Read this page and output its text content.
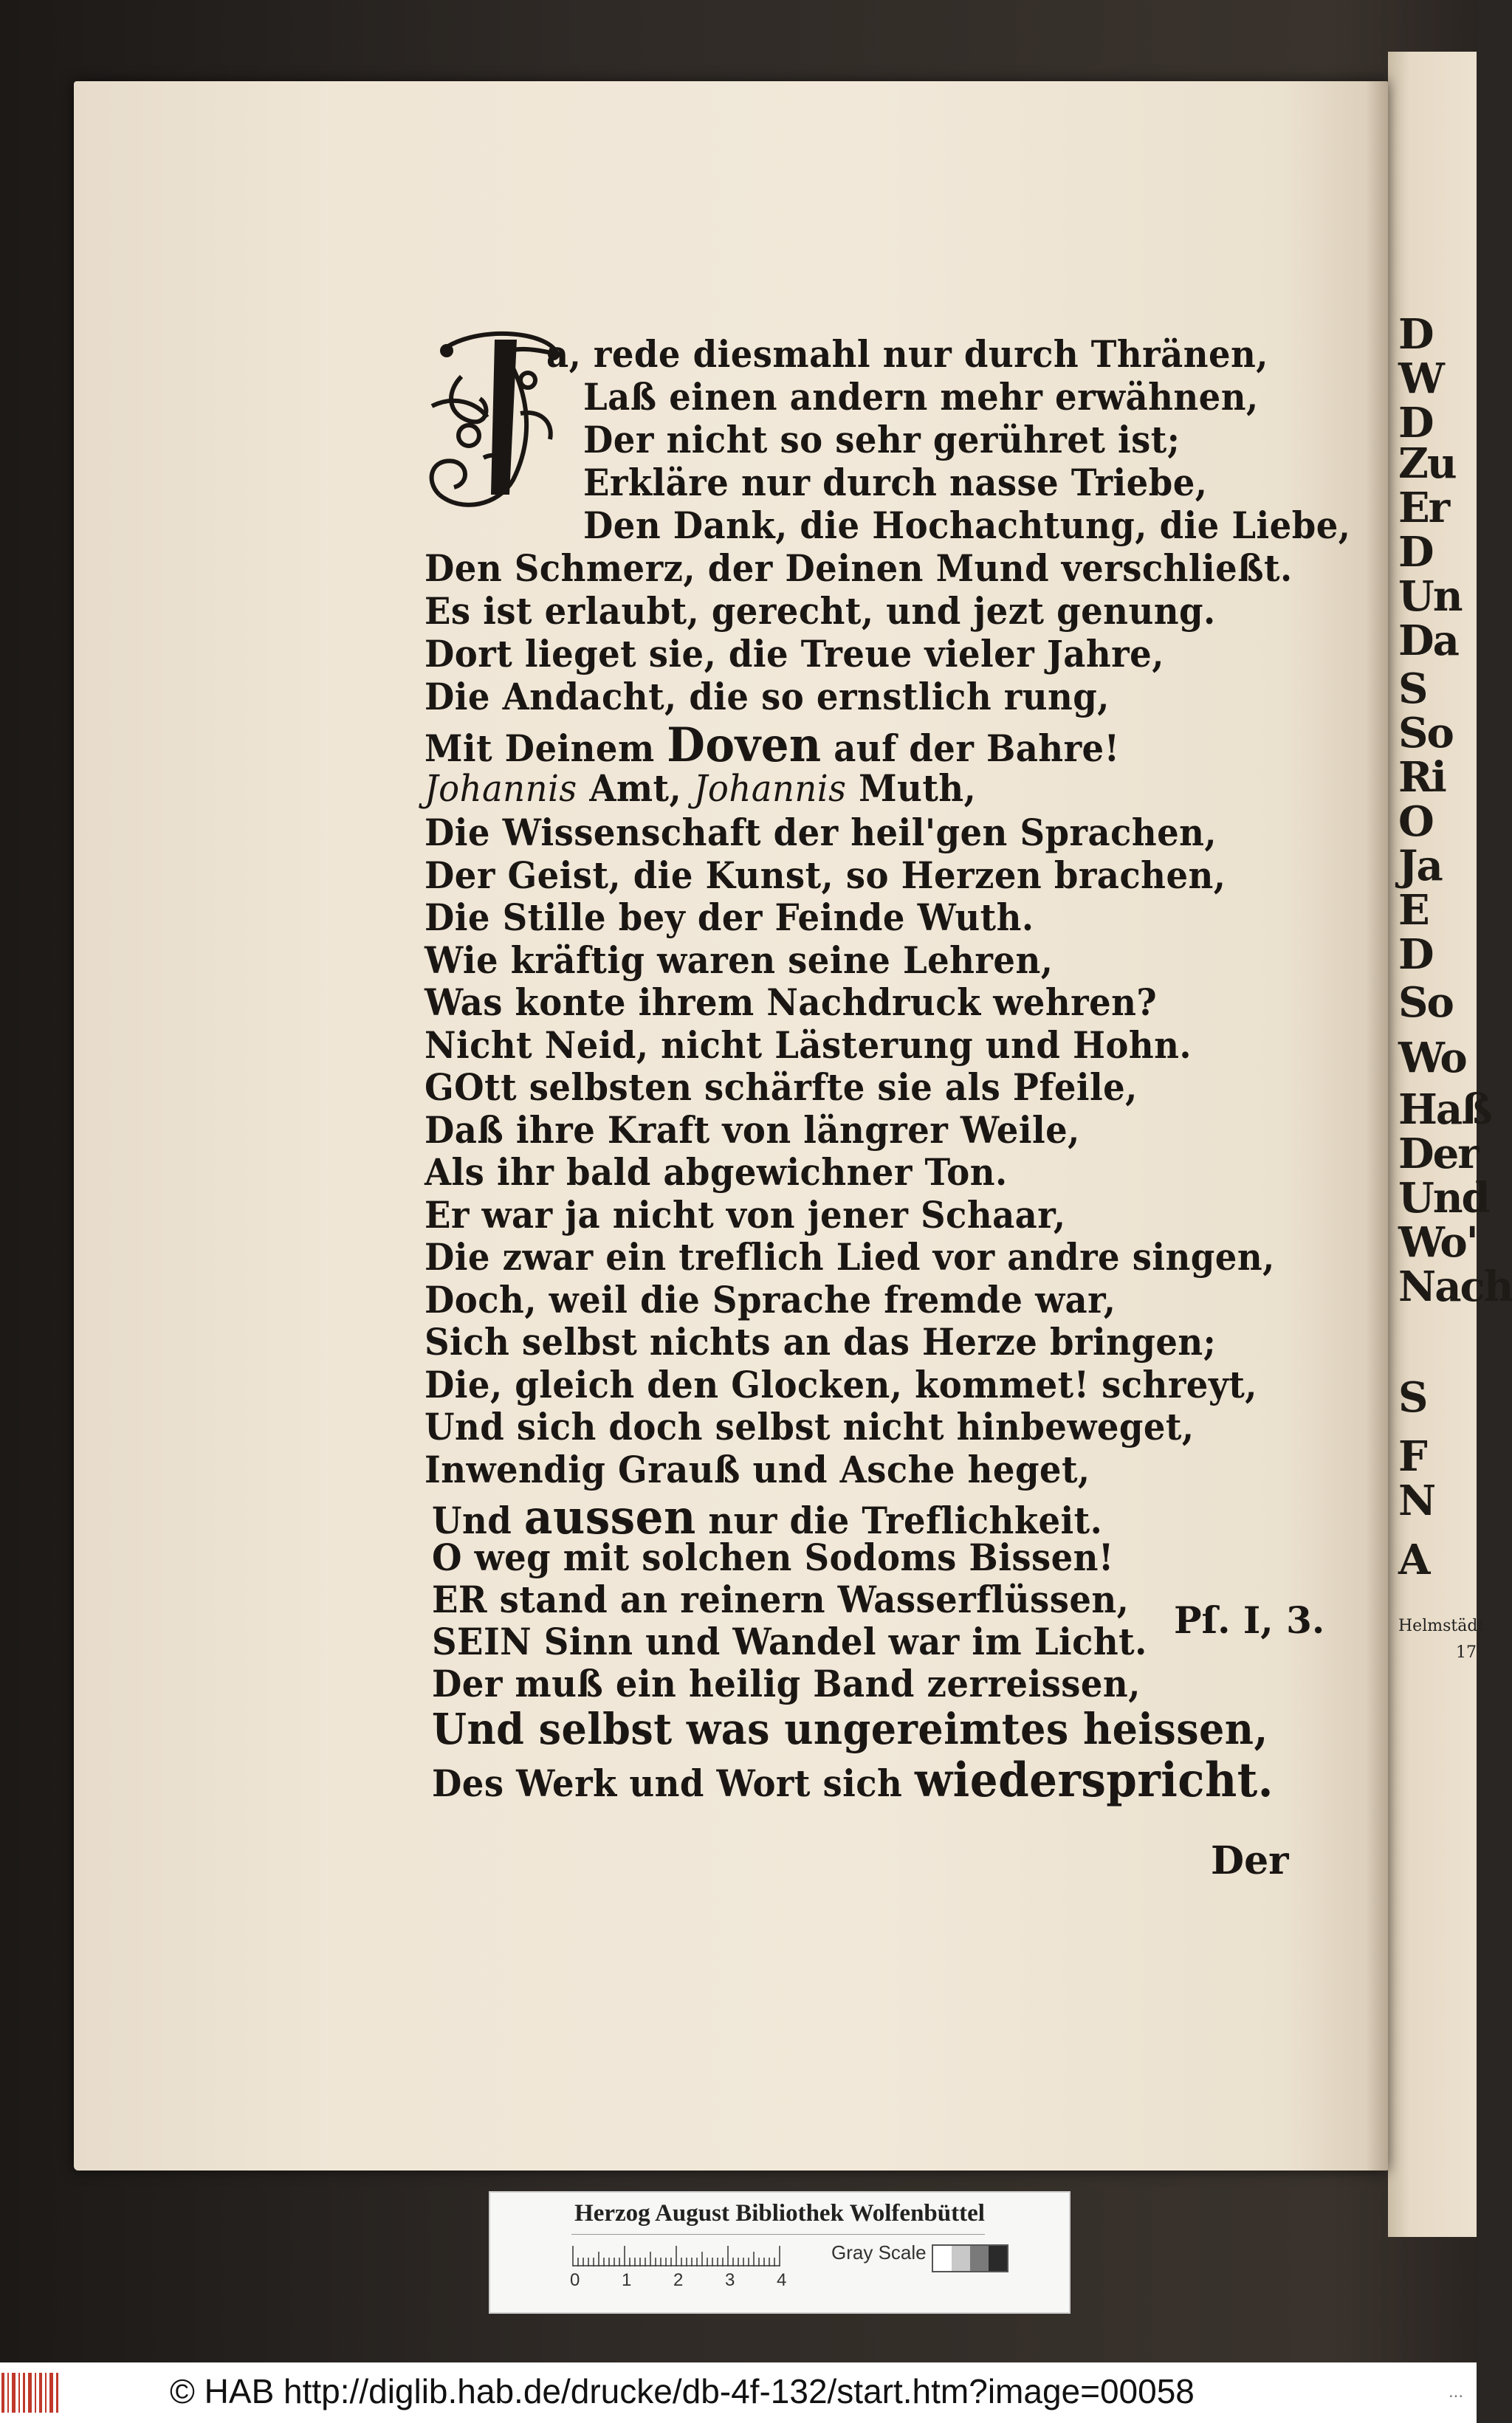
D
W
D
Zu
Er
D
Un
Da
S
So
Ri
O
Ja
E
D
So
Wo
Haß
Der
Und
Wo'
Nach
S
F
N
A
Helmstädt
17
a, rede diesmahl nur durch Thränen,
Laß einen andern mehr erwähnen,
Der nicht so sehr gerühret ist;
Erkläre nur durch nasse Triebe,
Den Dank, die Hochachtung, die Liebe,
Den Schmerz, der Deinen Mund verschließt.
Es ist erlaubt, gerecht, und jezt genung.
Dort lieget sie, die Treue vieler Jahre,
Die Andacht, die so ernstlich rung,
Mit Deinem Doven auf der Bahre!
Johannis Amt, Johannis Muth,
Die Wissenschaft der heil'gen Sprachen,
Der Geist, die Kunst, so Herzen brachen,
Die Stille bey der Feinde Wuth.
Wie kräftig waren seine Lehren,
Was konte ihrem Nachdruck wehren?
Nicht Neid, nicht Lästerung und Hohn.
GOtt selbsten schärfte sie als Pfeile,
Daß ihre Kraft von längrer Weile,
Als ihr bald abgewichner Ton.
Er war ja nicht von jener Schaar,
Die zwar ein treflich Lied vor andre singen,
Doch, weil die Sprache fremde war,
Sich selbst nichts an das Herze bringen;
Die, gleich den Glocken, kommet! schreyt,
Und sich doch selbst nicht hinbeweget,
Inwendig Grauß und Asche heget,
Und aussen nur die Treflichkeit.
O weg mit solchen Sodoms Bissen!
ER stand an reinern Wasserflüssen,
SEIN Sinn und Wandel war im Licht.
Der muß ein heilig Band zerreissen,
Und selbst was ungereimtes heissen,
Des Werk und Wort sich wiederspricht.
Pſ. I, 3.
Der
Herzog August Bibliothek Wolfenbüttel
0 1 2 3 4
Gray Scale
© HAB http://diglib.hab.de/drucke/db-4f-132/start.htm?image=00058	...
